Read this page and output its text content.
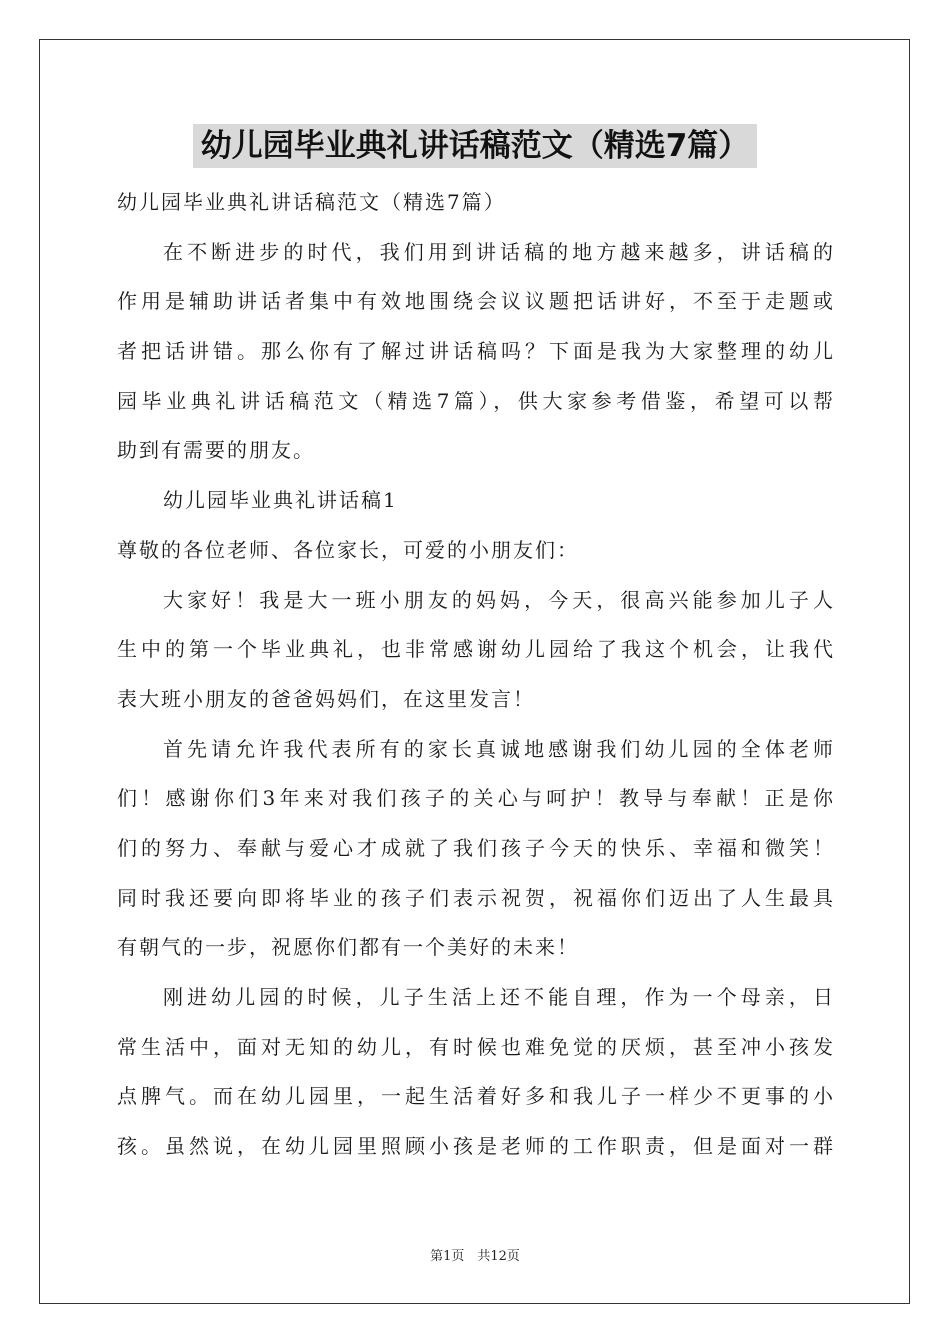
幼儿园毕业典礼讲话稿范文（精选7篇）
幼儿园毕业典礼讲话稿范文（精选7篇）
在不断进步的时代，我们用到讲话稿的地方越来越多，讲话稿的
作用是辅助讲话者集中有效地围绕会议议题把话讲好，不至于走题或
者把话讲错。那么你有了解过讲话稿吗？下面是我为大家整理的幼儿
园毕业典礼讲话稿范文（精选7篇），供大家参考借鉴，希望可以帮
助到有需要的朋友。
幼儿园毕业典礼讲话稿1
尊敬的各位老师、各位家长，可爱的小朋友们：
大家好！我是大一班小朋友的妈妈，今天，很高兴能参加儿子人
生中的第一个毕业典礼，也非常感谢幼儿园给了我这个机会，让我代
表大班小朋友的爸爸妈妈们，在这里发言！
首先请允许我代表所有的家长真诚地感谢我们幼儿园的全体老师
们！感谢你们3年来对我们孩子的关心与呵护！教导与奉献！正是你
们的努力、奉献与爱心才成就了我们孩子今天的快乐、幸福和微笑！
同时我还要向即将毕业的孩子们表示祝贺，祝福你们迈出了人生最具
有朝气的一步，祝愿你们都有一个美好的未来！
刚进幼儿园的时候，儿子生活上还不能自理，作为一个母亲，日
常生活中，面对无知的幼儿，有时候也难免觉的厌烦，甚至冲小孩发
点脾气。而在幼儿园里，一起生活着好多和我儿子一样少不更事的小
孩。虽然说，在幼儿园里照顾小孩是老师的工作职责，但是面对一群
第1页　共12页
